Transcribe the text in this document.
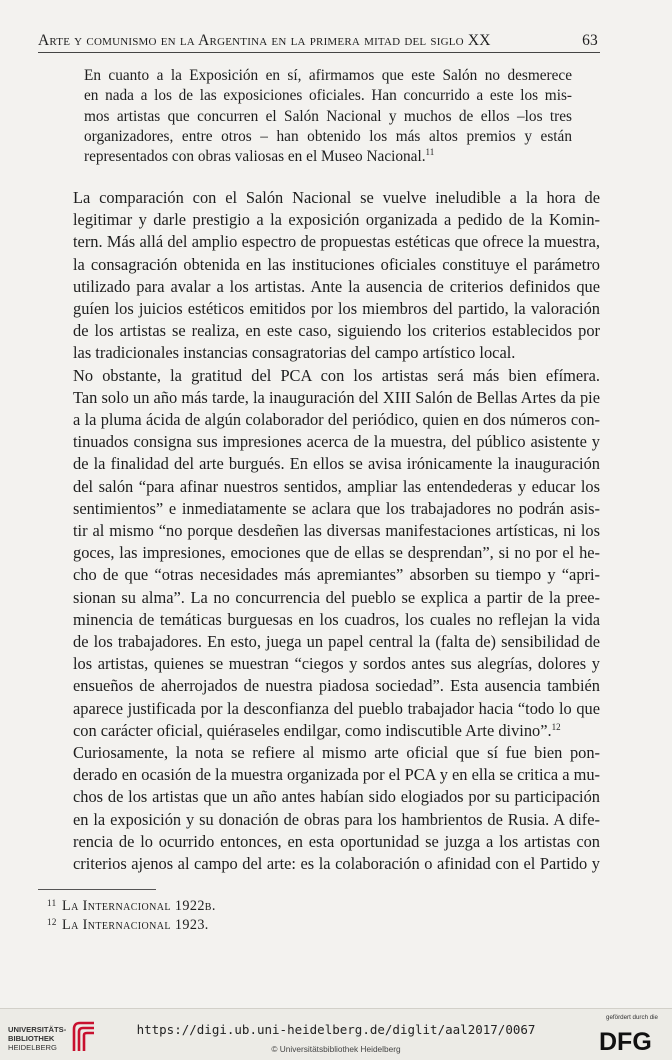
Arte y comunismo en la Argentina en la primera mitad del siglo XX	63
En cuanto a la Exposición en sí, afirmamos que este Salón no desmerece
en nada a los de las exposiciones oficiales. Han concurrido a este los mis-
mos artistas que concurren el Salón Nacional y muchos de ellos –los tres
organizadores, entre otros – han obtenido los más altos premios y están
representados con obras valiosas en el Museo Nacional.$^{11}$

La comparación con el Salón Nacional se vuelve ineludible a la hora de
legitimar y darle prestigio a la exposición organizada a pedido de la Komin-
tern. Más allá del amplio espectro de propuestas estéticas que ofrece la muestra,
la consagración obtenida en las instituciones oficiales constituye el parámetro
utilizado para avalar a los artistas. Ante la ausencia de criterios definidos que
guíen los juicios estéticos emitidos por los miembros del partido, la valoración
de los artistas se realiza, en este caso, siguiendo los criterios establecidos por
las tradicionales instancias consagratorias del campo artístico local.

No obstante, la gratitud del PCA con los artistas será más bien efímera.
Tan solo un año más tarde, la inauguración del XIII Salón de Bellas Artes da pie
a la pluma ácida de algún colaborador del periódico, quien en dos números con-
tinuados consigna sus impresiones acerca de la muestra, del público asistente y
de la finalidad del arte burgués. En ellos se avisa irónicamente la inauguración
del salón “para afinar nuestros sentidos, ampliar las entendederas y educar los
sentimientos” e inmediatamente se aclara que los trabajadores no podrán asis-
tir al mismo “no porque desdeñen las diversas manifestaciones artísticas, ni los
goces, las impresiones, emociones que de ellas se desprendan”, si no por el he-
cho de que “otras necesidades más apremiantes” absorben su tiempo y “apri-
sionan su alma”. La no concurrencia del pueblo se explica a partir de la pree-
minencia de temáticas burguesas en los cuadros, los cuales no reflejan la vida
de los trabajadores. En esto, juega un papel central la (falta de) sensibilidad de
los artistas, quienes se muestran “ciegos y sordos antes sus alegrías, dolores y
ensueños de aherrojados de nuestra piadosa sociedad”. Esta ausencia también
aparece justificada por la desconfianza del pueblo trabajador hacia “todo lo que
con carácter oficial, quiéraseles endilgar, como indiscutible Arte divino”.$^{12}$

Curiosamente, la nota se refiere al mismo arte oficial que sí fue bien pon-
derado en ocasión de la muestra organizada por el PCA y en ella se critica a mu-
chos de los artistas que un año antes habían sido elogiados por su participación
en la exposición y su donación de obras para los hambrientos de Rusia. A dife-
rencia de lo ocurrido entonces, en esta oportunidad se juzga a los artistas con
criterios ajenos al campo del arte: es la colaboración o afinidad con el Partido y

11 La Internacional 1922b.
12 La Internacional 1923.
UNIVERSITÄTS-
BIBLIOTHEK
HEIDELBERG
https://digi.ub.uni-heidelberg.de/diglit/aal2017/0067
© Universitätsbibliothek Heidelberg
gefördert durch die
DFG
